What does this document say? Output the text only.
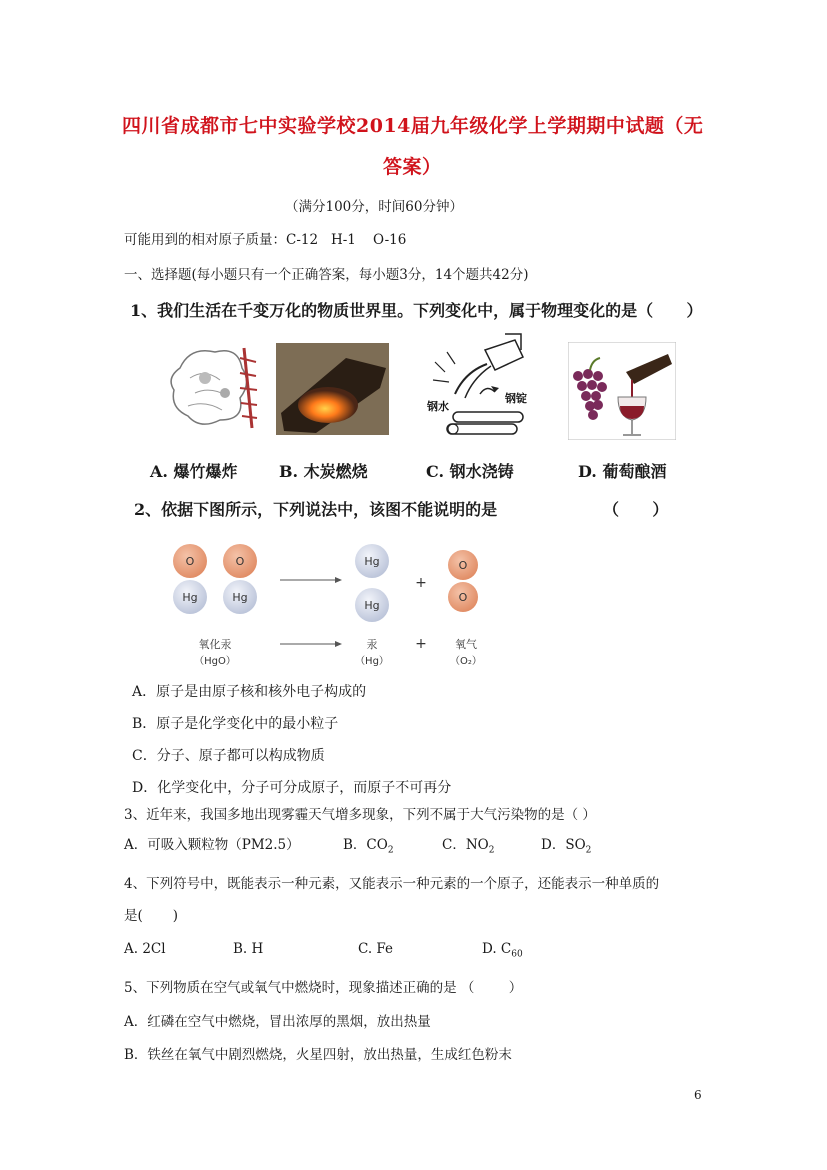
四川省成都市七中实验学校2014届九年级化学上学期期中试题（无
答案）
（满分100分，时间60分钟）
可能用到的相对原子质量：C-12   H-1    O-16
一、选择题(每小题只有一个正确答案，每小题3分，14个题共42分)
1、我们生活在千变万化的物质世界里。下列变化中，属于物理变化的是（      ）
钢水
钢锭
A. 爆竹爆炸	B. 木炭燃烧	C. 钢水浇铸	D. 葡萄酿酒
2、依据下图所示，下列说法中，该图不能说明的是	（      ）
O
Hg
O
Hg
Hg
Hg
+
O
O
氧化汞
（HgO）
汞
（Hg）
+	氧气
（O₂）
A．原子是由原子核和核外电子构成的
B．原子是化学变化中的最小粒子
C．分子、原子都可以构成物质
D．化学变化中，分子可分成原子，而原子不可再分
3、近年来，我国多地出现雾霾天气增多现象，下列不属于大气污染物的是（ ）
A．可吸入颗粒物（PM2.5）	B．$CO_2$	C．$NO_2$	D．$SO_2$
4、下列符号中，既能表示一种元素，又能表示一种元素的一个原子，还能表示一种单质的
是(       )
A. 2Cl	B. H	C. Fe	D. $C_{60}$
5、下列物质在空气或氧气中燃烧时，现象描述正确的是 （        ）
A．红磷在空气中燃烧，冒出浓厚的黑烟，放出热量
B．铁丝在氧气中剧烈燃烧，火星四射，放出热量，生成红色粉末
6
